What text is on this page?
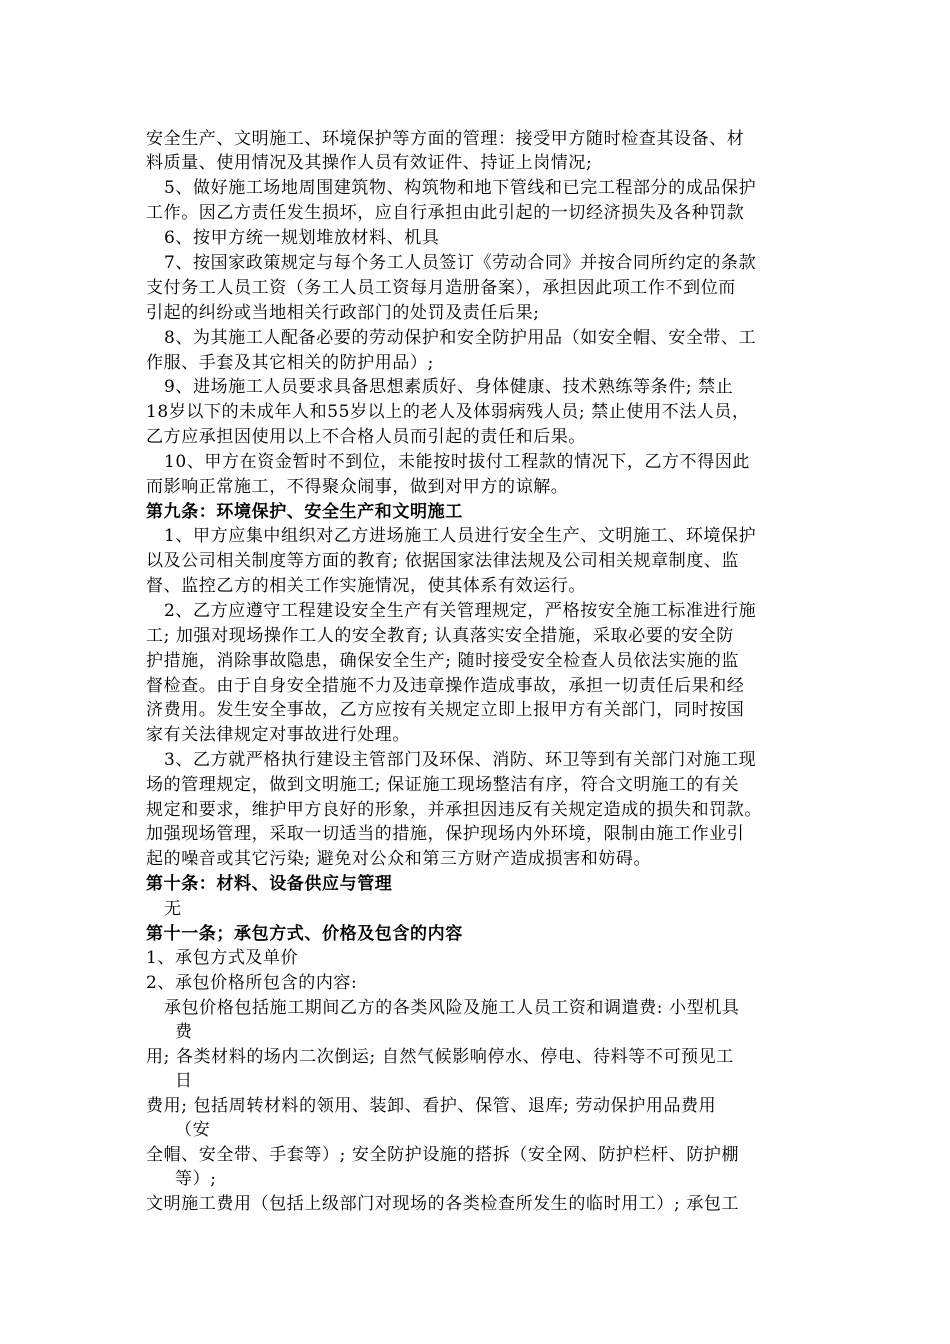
安全生产、文明施工、环境保护等方面的管理：接受甲方随时检查其设备、材
料质量、使用情况及其操作人员有效证件、持证上岗情况;
5、做好施工场地周围建筑物、构筑物和地下管线和已完工程部分的成品保护
工作。因乙方责任发生损坏，应自行承担由此引起的一切经济损失及各种罚款
6、按甲方统一规划堆放材料、机具
7、按国家政策规定与每个务工人员签订《劳动合同》并按合同所约定的条款
支付务工人员工资（务工人员工资每月造册备案），承担因此项工作不到位而
引起的纠纷或当地相关行政部门的处罚及责任后果;
8、为其施工人配备必要的劳动保护和安全防护用品（如安全帽、安全带、工
作服、手套及其它相关的防护用品）;
9、进场施工人员要求具备思想素质好、身体健康、技术熟练等条件; 禁止
18岁以下的未成年人和55岁以上的老人及体弱病残人员; 禁止使用不法人员，
乙方应承担因使用以上不合格人员而引起的责任和后果。
10、甲方在资金暂时不到位，未能按时拔付工程款的情况下，乙方不得因此
而影响正常施工，不得聚众闹事，做到对甲方的谅解。
第九条：环境保护、安全生产和文明施工
1、甲方应集中组织对乙方进场施工人员进行安全生产、文明施工、环境保护
以及公司相关制度等方面的教育; 依据国家法律法规及公司相关规章制度、监
督、监控乙方的相关工作实施情况，使其体系有效运行。
2、乙方应遵守工程建设安全生产有关管理规定，严格按安全施工标准进行施
工; 加强对现场操作工人的安全教育; 认真落实安全措施，采取必要的安全防
护措施，消除事故隐患，确保安全生产; 随时接受安全检查人员依法实施的监
督检查。由于自身安全措施不力及违章操作造成事故，承担一切责任后果和经
济费用。发生安全事故，乙方应按有关规定立即上报甲方有关部门，同时按国
家有关法律规定对事故进行处理。
3、乙方就严格执行建设主管部门及环保、消防、环卫等到有关部门对施工现
场的管理规定，做到文明施工; 保证施工现场整洁有序，符合文明施工的有关
规定和要求，维护甲方良好的形象，并承担因违反有关规定造成的损失和罚款。
加强现场管理，采取一切适当的措施，保护现场内外环境，限制由施工作业引
起的噪音或其它污染; 避免对公众和第三方财产造成损害和妨碍。
第十条：材料、设备供应与管理
无
第十一条；承包方式、价格及包含的内容
1、承包方式及单价
2、承包价格所包含的内容:
承包价格包括施工期间乙方的各类风险及施工人员工资和调遣费: 小型机具
费
用; 各类材料的场内二次倒运; 自然气候影响停水、停电、待料等不可预见工
日
费用; 包括周转材料的领用、装卸、看护、保管、退库; 劳动保护用品费用
（安
全帽、安全带、手套等）; 安全防护设施的搭拆（安全网、防护栏杆、防护棚
等）;
文明施工费用（包括上级部门对现场的各类检查所发生的临时用工）; 承包工
